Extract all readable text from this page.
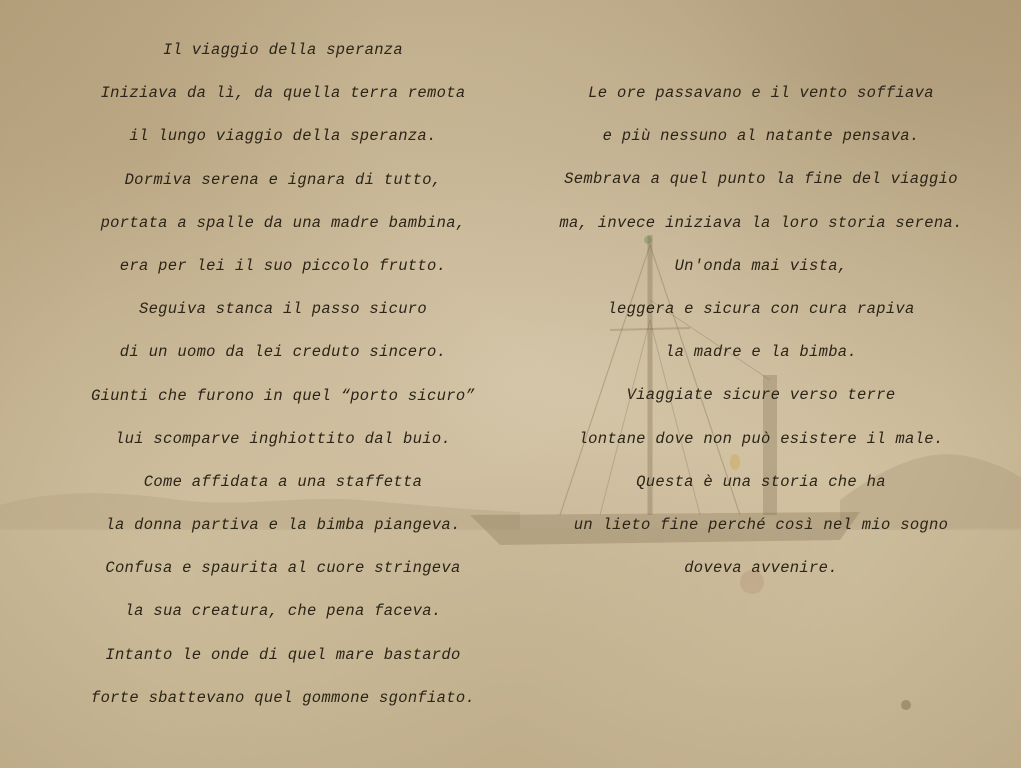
Il viaggio della speranza
Iniziava da lì, da quella terra remota
il lungo viaggio della speranza.
Dormiva serena e ignara di tutto,
portata a spalle da una madre bambina,
era per lei il suo piccolo frutto.
Seguiva stanca il passo sicuro
di un uomo da lei creduto sincero.
Giunti che furono in quel “porto sicuro”
lui scomparve inghiottito dal buio.
Come affidata a una staffetta
la donna partiva e la bimba piangeva.
Confusa e spaurita al cuore stringeva
la sua creatura, che pena faceva.
Intanto le onde di quel mare bastardo
forte sbattevano quel gommone sgonfiato.
Le ore passavano e il vento soffiava
e più nessuno al natante pensava.
Sembrava a quel punto la fine del viaggio
ma, invece iniziava la loro storia serena.
Un'onda mai vista,
leggera e sicura con cura rapiva
la madre e la bimba.
Viaggiate sicure verso terre
lontane dove non può esistere il male.
Questa è una storia che ha
un lieto fine perché così nel mio sogno
doveva avvenire.
